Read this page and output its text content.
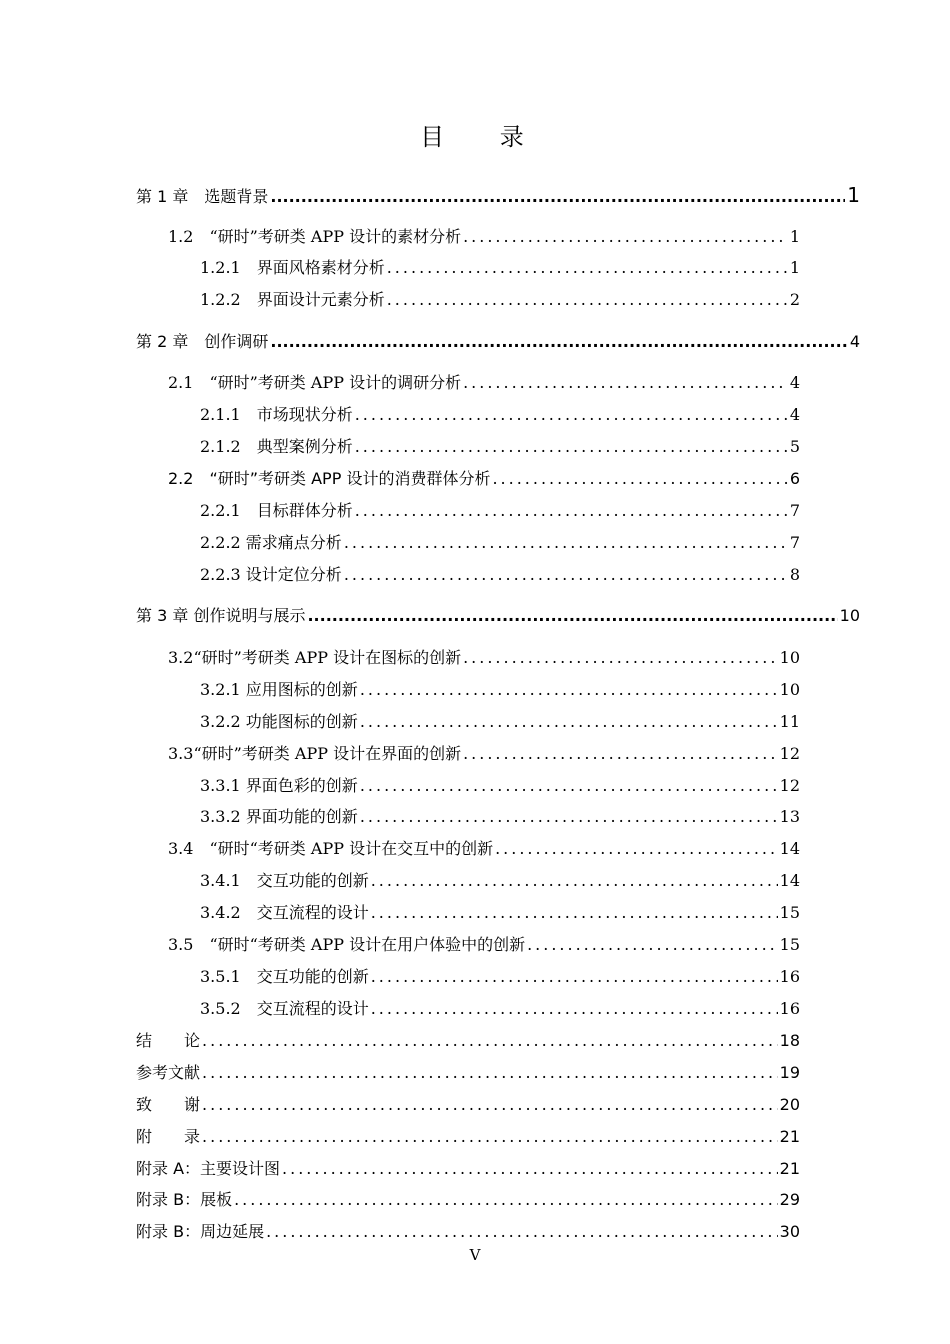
目 录
第 1 章　选题背景 .....	1
1.2　“研时”考研类 APP 设计的素材分析 .....	1
1.2.1　界面风格素材分析 .....	1
1.2.2　界面设计元素分析 .....	2
第 2 章　创作调研 .....	4
2.1　“研时”考研类 APP 设计的调研分析 .....	4
2.1.1　市场现状分析 .....	4
2.1.2　典型案例分析 .....	5
2.2　“研时”考研类 APP 设计的消费群体分析 .....	6
2.2.1　目标群体分析 .....	7
2.2.2 需求痛点分析 .....	7
2.2.3 设计定位分析 .....	8
第 3 章 创作说明与展示 .....	10
3.2“研时”考研类 APP 设计在图标的创新 .....	10
3.2.1 应用图标的创新 .....	10
3.2.2 功能图标的创新 .....	11
3.3“研时”考研类 APP 设计在界面的创新 .....	12
3.3.1 界面色彩的创新 .....	12
3.3.2 界面功能的创新 .....	13
3.4　“研时“考研类 APP 设计在交互中的创新 .....	14
3.4.1　交互功能的创新 .....	14
3.4.2　交互流程的设计 .....	15
3.5　“研时“考研类 APP 设计在用户体验中的创新 .....	15
3.5.1　交互功能的创新 .....	16
3.5.2　交互流程的设计 .....	16
结　　论 .....	18
参考文献 .....	19
致　　谢 .....	20
附　　录 .....	21
附录 A：主要设计图 .....	21
附录 B：展板 .....	29
附录 B：周边延展 .....	30
V
